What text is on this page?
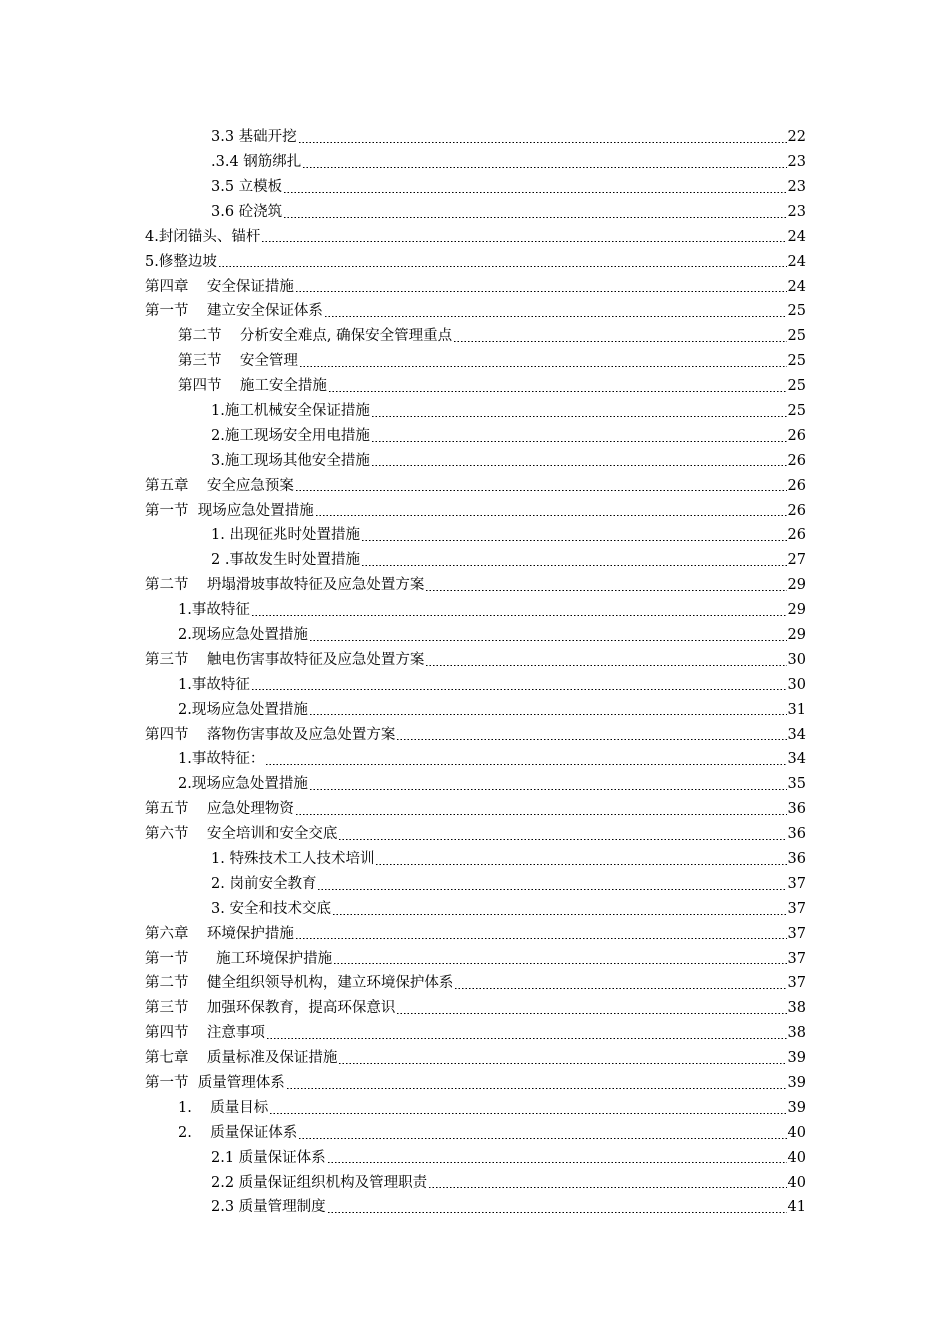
3.3 基础开挖	22
.3.4 钢筋绑扎	23
3.5 立模板	23
3.6 砼浇筑	23
4.封闭锚头、锚杆	24
5.修整边坡	24
第四章    安全保证措施	24
第一节    建立安全保证体系	25
第二节    分析安全难点, 确保安全管理重点	25
第三节    安全管理	25
第四节    施工安全措施	25
1.施工机械安全保证措施	25
2.施工现场安全用电措施	26
3.施工现场其他安全措施	26
第五章    安全应急预案	26
第一节  现场应急处置措施	26
1. 出现征兆时处置措施	26
2 .事故发生时处置措施	27
第二节    坍塌滑坡事故特征及应急处置方案	29
1.事故特征	29
2.现场应急处置措施	29
第三节    触电伤害事故特征及应急处置方案	30
1.事故特征	30
2.现场应急处置措施	31
第四节    落物伤害事故及应急处置方案	34
1.事故特征：	34
2.现场应急处置措施	35
第五节    应急处理物资	36
第六节    安全培训和安全交底	36
1. 特殊技术工人技术培训	36
2. 岗前安全教育	37
3. 安全和技术交底	37
第六章    环境保护措施	37
第一节      施工环境保护措施	37
第二节    健全组织领导机构，建立环境保护体系	37
第三节    加强环保教育，提高环保意识	38
第四节    注意事项	38
第七章    质量标准及保证措施	39
第一节  质量管理体系	39
1.    质量目标	39
2.    质量保证体系	40
2.1 质量保证体系	40
2.2 质量保证组织机构及管理职责	40
2.3 质量管理制度	41
